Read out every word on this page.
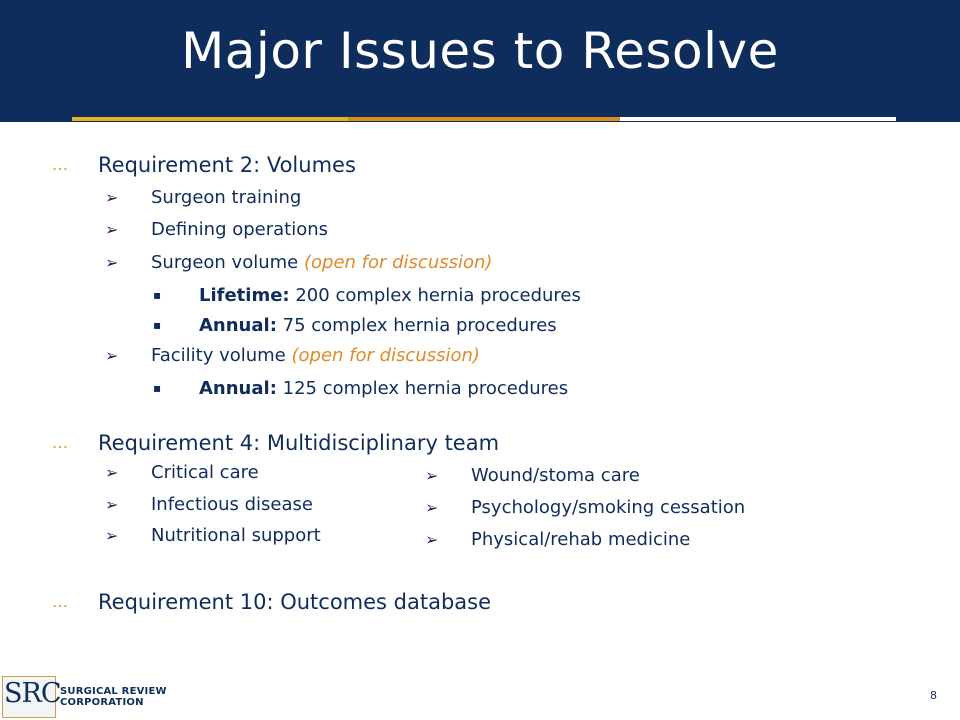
Major Issues to Resolve
… Requirement 2: Volumes
➢ Surgeon training
➢ Defining operations
➢ Surgeon volume (open for discussion)
▪ Lifetime: 200 complex hernia procedures
▪ Annual: 75 complex hernia procedures
➢ Facility volume (open for discussion)
▪ Annual: 125 complex hernia procedures
… Requirement 4: Multidisciplinary team
➢ Critical care
➢ Infectious disease
➢ Nutritional support
➢ Wound/stoma care
➢ Psychology/smoking cessation
➢ Physical/rehab medicine
… Requirement 10: Outcomes database
SRC SURGICAL REVIEW
CORPORATION
8
